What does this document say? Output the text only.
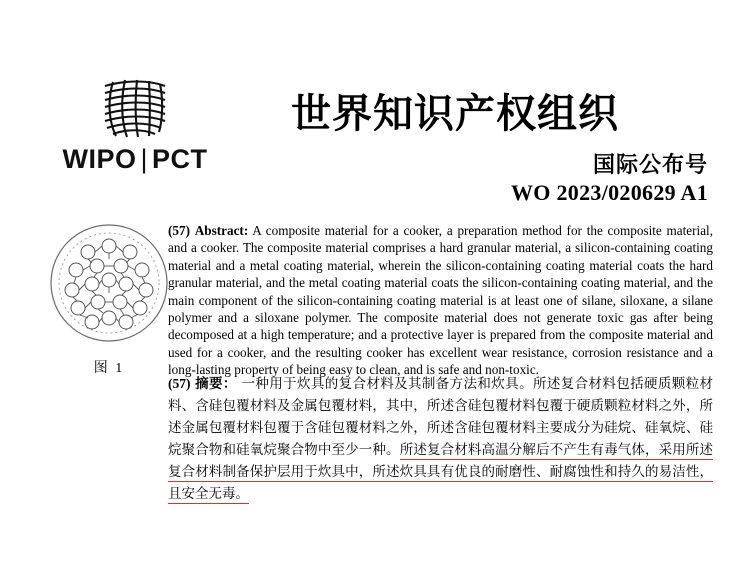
WIPO | PCT
世界知识产权组织
国际公布号
WO 2023/020629 A1
图 1
(57) Abstract: A composite material for a cooker, a preparation method for the composite material, and a cooker. The composite material comprises a hard granular material, a silicon-containing coating material and a metal coating material, wherein the silicon-containing coating material coats the hard granular material, and the metal coating material coats the silicon-containing coating material, and the main component of the silicon-containing coating material is at least one of silane, siloxane, a silane polymer and a siloxane polymer. The composite material does not generate toxic gas after being decomposed at a high temperature; and a protective layer is prepared from the composite material and used for a cooker, and the resulting cooker has excellent wear resistance, corrosion resistance and a long-lasting property of being easy to clean, and is safe and non-toxic.
(57) 摘要： 一种用于炊具的复合材料及其制备方法和炊具。所述复合材料包括硬质颗粒材料、含硅包覆材料及金属包覆材料，其中，所述含硅包覆材料包覆于硬质颗粒材料之外，所述金属包覆材料包覆于含硅包覆材料之外，所述含硅包覆材料主要成分为硅烷、硅氧烷、硅烷聚合物和硅氧烷聚合物中至少一种。所述复合材料高温分解后不产生有毒气体，采用所述复合材料制备保护层用于炊具中，所述炊具具有优良的耐磨性、耐腐蚀性和持久的易洁性，且安全无毒。
